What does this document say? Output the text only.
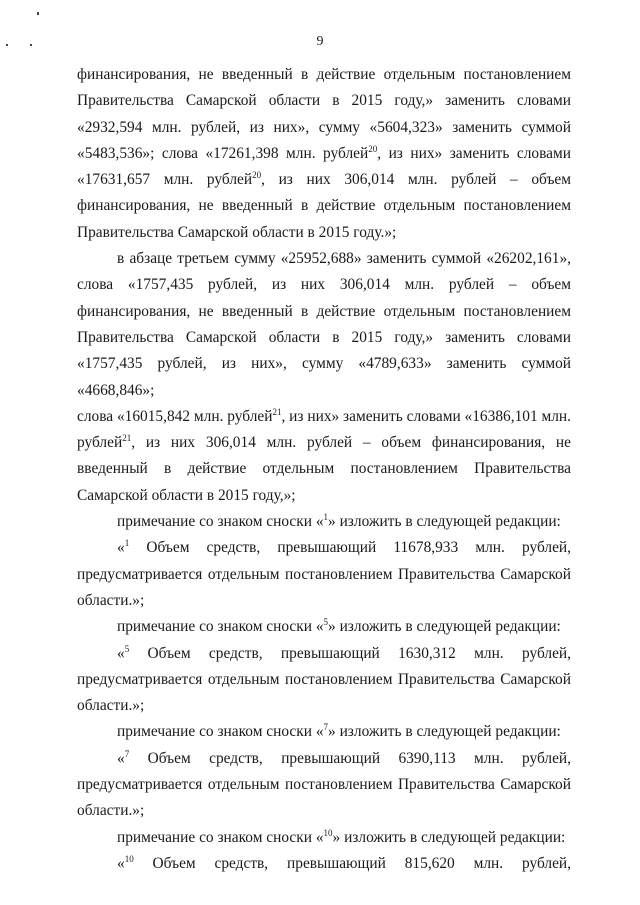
9
финансирования, не введенный в действие отдельным постановлением
Правительства Самарской области в 2015 году,» заменить словами
«2932,594 млн. рублей, из них», сумму «5604,323» заменить суммой
«5483,536»; слова «17261,398 млн. рублей$^{20}$, из них» заменить словами
«17631,657 млн. рублей$^{20}$, из них 306,014 млн. рублей – объем
финансирования, не введенный в действие отдельным постановлением
Правительства Самарской области в 2015 году.»;
в абзаце третьем сумму «25952,688» заменить суммой «26202,161»,
слова «1757,435 рублей, из них 306,014 млн. рублей – объем
финансирования, не введенный в действие отдельным постановлением
Правительства Самарской области в 2015 году,» заменить словами
«1757,435 рублей, из них», сумму «4789,633» заменить суммой «4668,846»;
слова «16015,842 млн. рублей$^{21}$, из них» заменить словами «16386,101 млн.
рублей$^{21}$, из них 306,014 млн. рублей – объем финансирования, не
введенный в действие отдельным постановлением Правительства
Самарской области в 2015 году,»;
примечание со знаком сноски «$^1$» изложить в следующей редакции:
«$^1$ Объем средств, превышающий 11678,933 млн. рублей,
предусматривается отдельным постановлением Правительства Самарской
области.»;
примечание со знаком сноски «$^5$» изложить в следующей редакции:
«$^5$ Объем средств, превышающий 1630,312 млн. рублей,
предусматривается отдельным постановлением Правительства Самарской
области.»;
примечание со знаком сноски «$^7$» изложить в следующей редакции:
«$^7$ Объем средств, превышающий 6390,113 млн. рублей,
предусматривается отдельным постановлением Правительства Самарской
области.»;
примечание со знаком сноски «$^{10}$» изложить в следующей редакции:
«$^{10}$ Объем средств, превышающий 815,620 млн. рублей,
